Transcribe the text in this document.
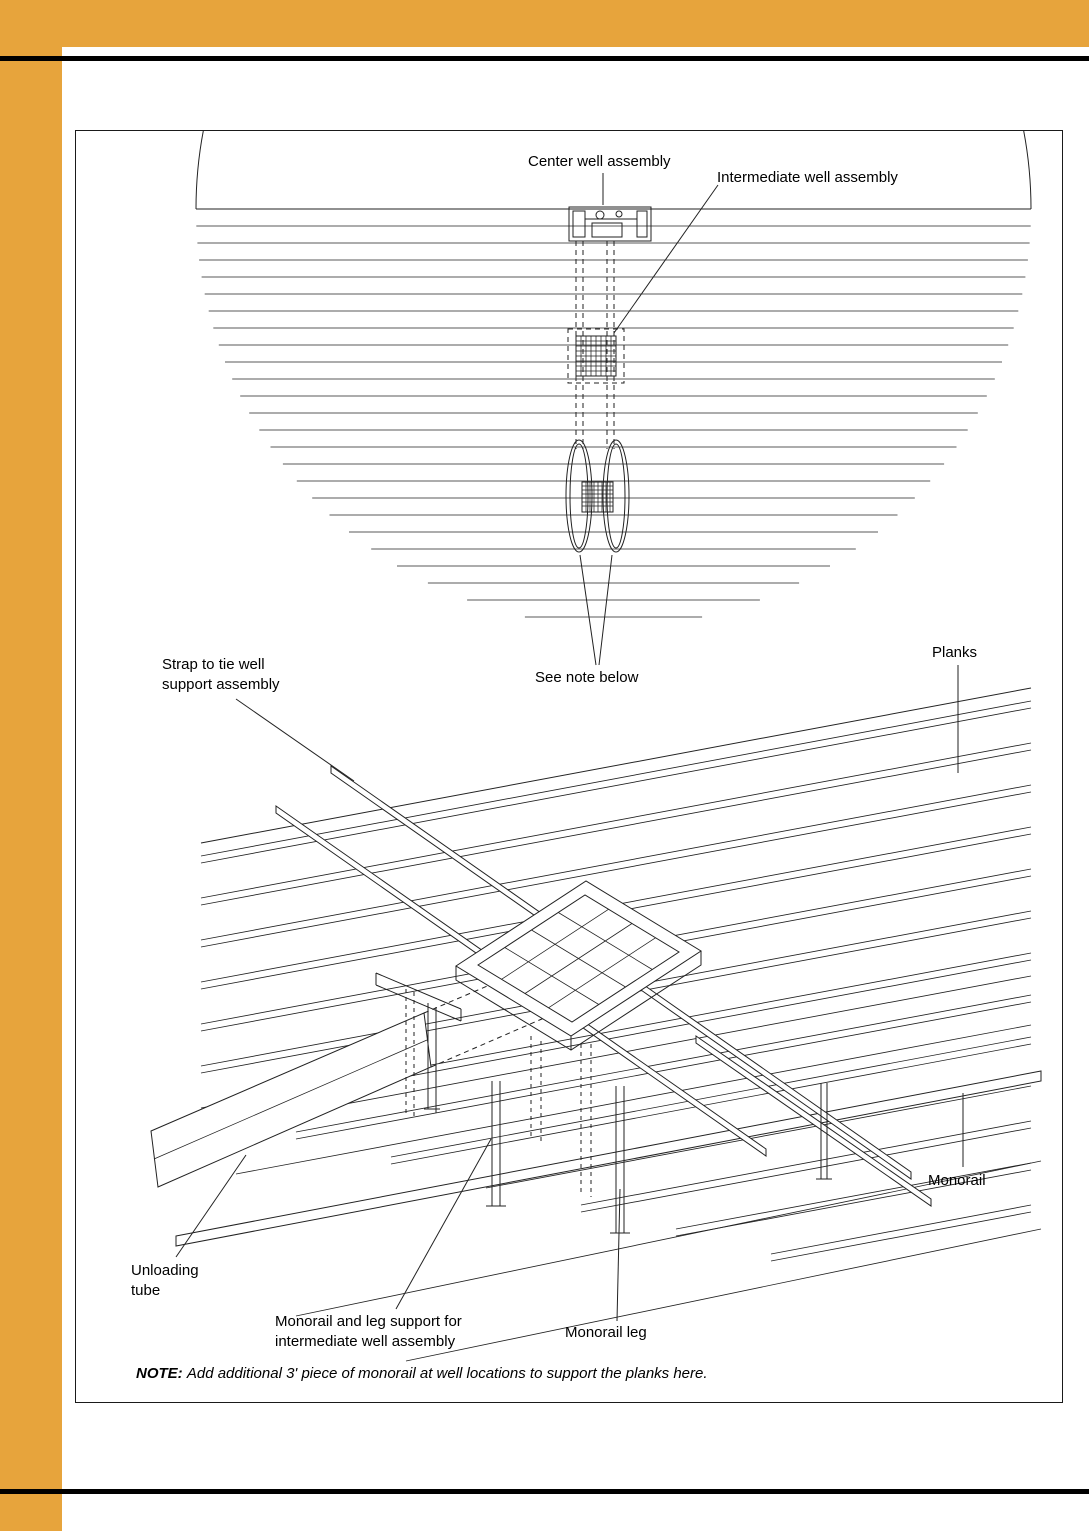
Center well assembly
Intermediate well assembly
See note below
Planks
Strap to tie well
support assembly
Unloading
tube
Monorail and leg support for
intermediate well assembly
Monorail leg
Monorail
NOTE: Add additional 3' piece of monorail at well locations to support the planks here.
